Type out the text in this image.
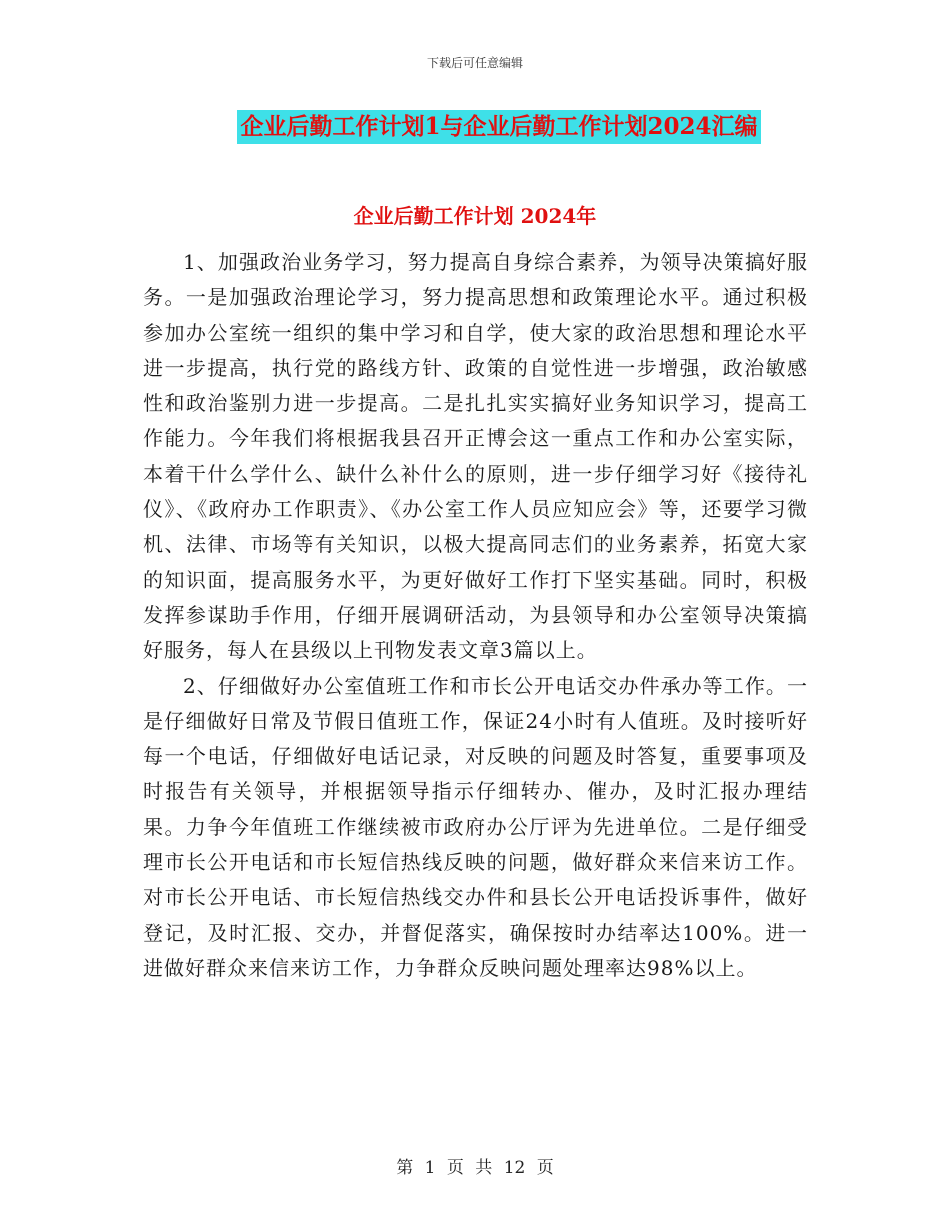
下载后可任意编辑
企业后勤工作计划1与企业后勤工作计划2024汇编
企业后勤工作计划 2024年

1、加强政治业务学习，努力提高自身综合素养，为领导决策搞好服务。一是加强政治理论学习，努力提高思想和政策理论水平。通过积极参加办公室统一组织的集中学习和自学，使大家的政治思想和理论水平进一步提高，执行党的路线方针、政策的自觉性进一步增强，政治敏感性和政治鉴别力进一步提高。二是扎扎实实搞好业务知识学习，提高工作能力。今年我们将根据我县召开正博会这一重点工作和办公室实际，本着干什么学什么、缺什么补什么的原则，进一步仔细学习好《接待礼仪》、《政府办工作职责》、《办公室工作人员应知应会》等，还要学习微机、法律、市场等有关知识，以极大提高同志们的业务素养，拓宽大家的知识面，提高服务水平，为更好做好工作打下坚实基础。同时，积极发挥参谋助手作用，仔细开展调研活动，为县领导和办公室领导决策搞好服务，每人在县级以上刊物发表文章3篇以上。

2、仔细做好办公室值班工作和市长公开电话交办件承办等工作。一是仔细做好日常及节假日值班工作，保证24小时有人值班。及时接听好每一个电话，仔细做好电话记录，对反映的问题及时答复，重要事项及时报告有关领导，并根据领导指示仔细转办、催办，及时汇报办理结果。力争今年值班工作继续被市政府办公厅评为先进单位。二是仔细受理市长公开电话和市长短信热线反映的问题，做好群众来信来访工作。对市长公开电话、市长短信热线交办件和县长公开电话投诉事件，做好登记，及时汇报、交办，并督促落实，确保按时办结率达100%。进一进做好群众来信来访工作，力争群众反映问题处理率达98%以上。

第 1 页 共 12 页
